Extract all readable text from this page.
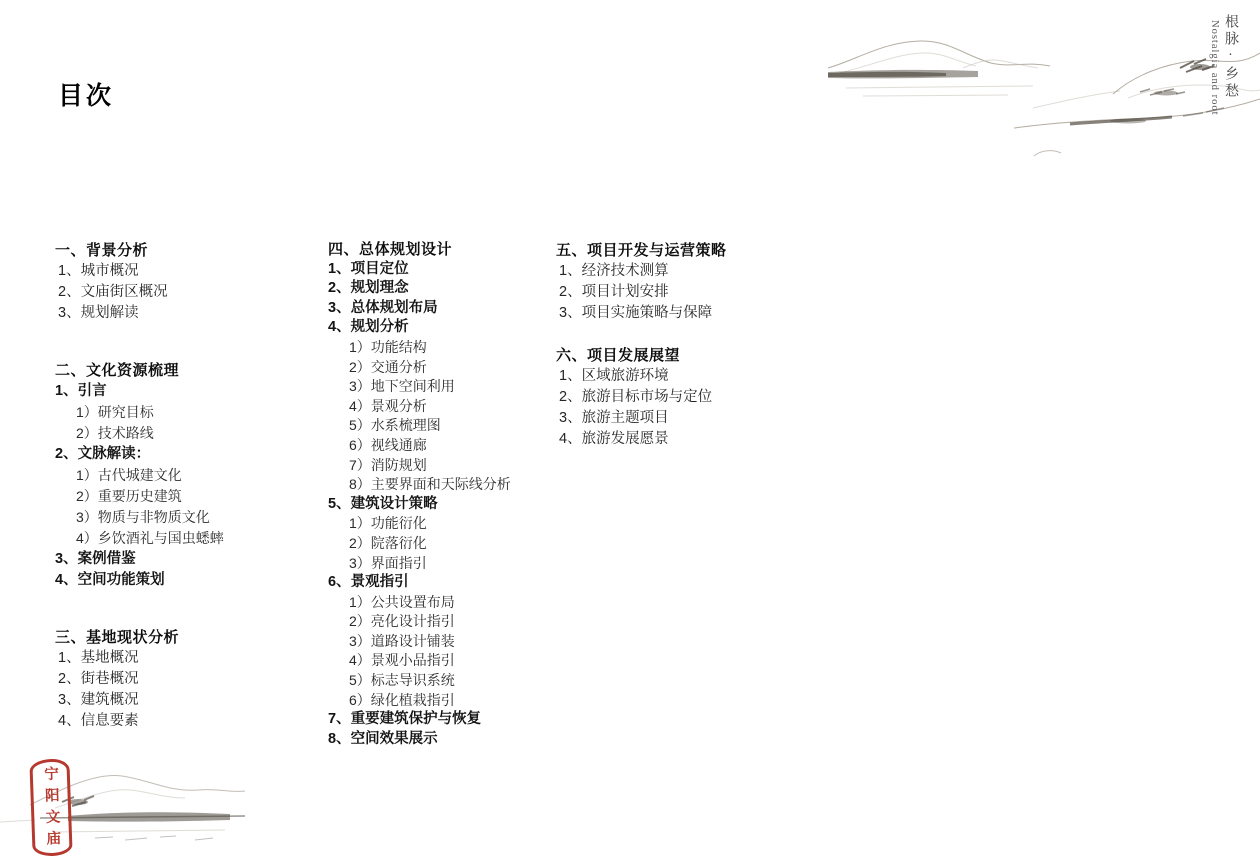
目次	Nostalgia and root 根脉·乡愁
一、背景分析
1、城市概况
2、文庙街区概况
3、规划解读
二、文化资源梳理
1、引言
1）研究目标
2）技术路线
2、文脉解读：
1）古代城建文化
2）重要历史建筑
3）物质与非物质文化
4）乡饮酒礼与国虫蟋蟀
3、案例借鉴
4、空间功能策划
三、基地现状分析
1、基地概况
2、街巷概况
3、建筑概况
4、信息要素
四、总体规划设计
1、项目定位
2、规划理念
3、总体规划布局
4、规划分析
1）功能结构
2）交通分析
3）地下空间利用
4）景观分析
5）水系梳理图
6）视线通廊
7）消防规划
8）主要界面和天际线分析
5、建筑设计策略
1）功能衍化
2）院落衍化
3）界面指引
6、景观指引
1）公共设置布局
2）亮化设计指引
3）道路设计铺装
4）景观小品指引
5）标志导识系统
6）绿化植栽指引
7、重要建筑保护与恢复
8、空间效果展示
五、项目开发与运营策略
1、经济技术测算
2、项目计划安排
3、项目实施策略与保障
六、项目发展展望
1、区域旅游环境
2、旅游目标市场与定位
3、旅游主题项目
4、旅游发展愿景
宁阳文庙
